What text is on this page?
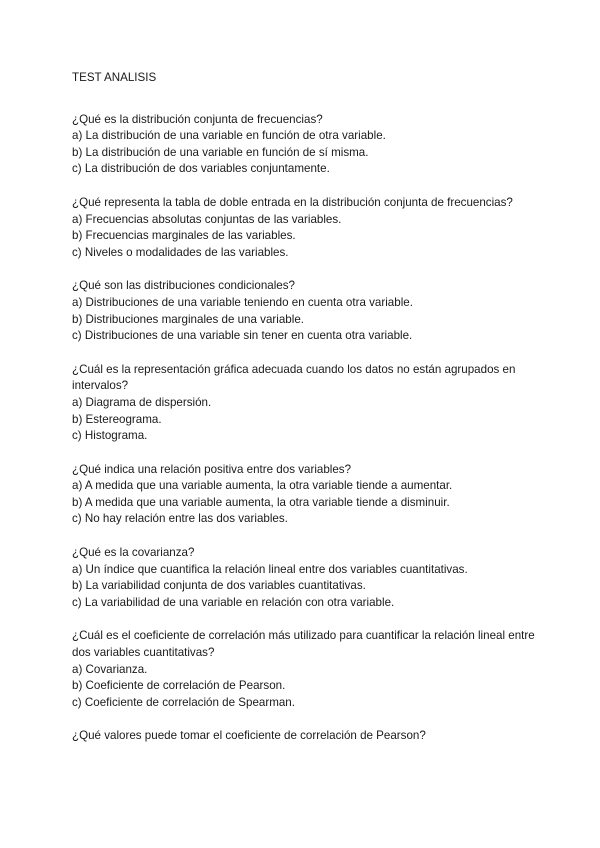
TEST ANALISIS

¿Qué es la distribución conjunta de frecuencias?

a) La distribución de una variable en función de otra variable.

b) La distribución de una variable en función de sí misma.

c) La distribución de dos variables conjuntamente.

¿Qué representa la tabla de doble entrada en la distribución conjunta de frecuencias?

a) Frecuencias absolutas conjuntas de las variables.

b) Frecuencias marginales de las variables.

c) Niveles o modalidades de las variables.

¿Qué son las distribuciones condicionales?

a) Distribuciones de una variable teniendo en cuenta otra variable.

b) Distribuciones marginales de una variable.

c) Distribuciones de una variable sin tener en cuenta otra variable.

¿Cuál es la representación gráfica adecuada cuando los datos no están agrupados en intervalos?

a) Diagrama de dispersión.

b) Estereograma.

c) Histograma.

¿Qué indica una relación positiva entre dos variables?

a) A medida que una variable aumenta, la otra variable tiende a aumentar.

b) A medida que una variable aumenta, la otra variable tiende a disminuir.

c) No hay relación entre las dos variables.

¿Qué es la covarianza?

a) Un índice que cuantifica la relación lineal entre dos variables cuantitativas.

b) La variabilidad conjunta de dos variables cuantitativas.

c) La variabilidad de una variable en relación con otra variable.

¿Cuál es el coeficiente de correlación más utilizado para cuantificar la relación lineal entre dos variables cuantitativas?

a) Covarianza.

b) Coeficiente de correlación de Pearson.

c) Coeficiente de correlación de Spearman.

¿Qué valores puede tomar el coeficiente de correlación de Pearson?
